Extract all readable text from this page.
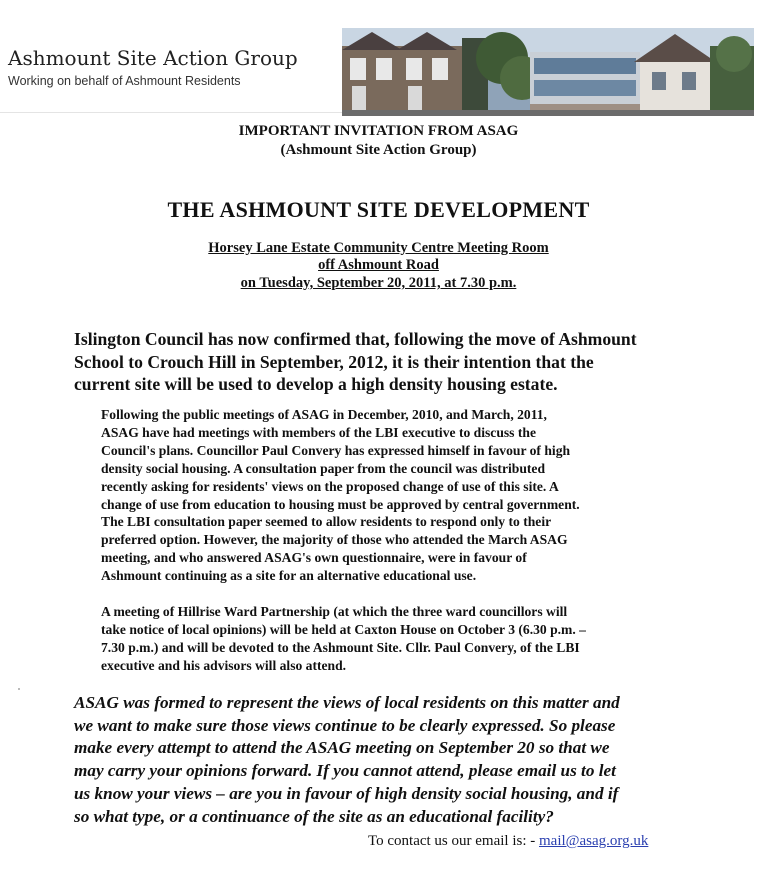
Ashmount Site Action Group
Working on behalf of Ashmount Residents
IMPORTANT INVITATION FROM ASAG
(Ashmount Site Action Group)
THE ASHMOUNT SITE DEVELOPMENT
Horsey Lane Estate Community Centre Meeting Room
off Ashmount Road
on Tuesday, September 20, 2011, at 7.30 p.m.
Islington Council has now confirmed that, following the move of Ashmount
School to Crouch Hill in September, 2012, it is their intention that the
current site will be used to develop a high density housing estate.
Following the public meetings of ASAG in December, 2010, and March, 2011,
ASAG have had meetings with members of the LBI executive to discuss the
Council's plans. Councillor Paul Convery has expressed himself in favour of high
density social housing. A consultation paper from the council was distributed
recently asking for residents' views on the proposed change of use of this site. A
change of use from education to housing must be approved by central government.
The LBI consultation paper seemed to allow residents to respond only to their
preferred option. However, the majority of those who attended the March ASAG
meeting, and who answered ASAG's own questionnaire, were in favour of
Ashmount continuing as a site for an alternative educational use.
A meeting of Hillrise Ward Partnership (at which the three ward councillors will
take notice of local opinions) will be held at Caxton House on October 3 (6.30 p.m. –
7.30 p.m.) and will be devoted to the Ashmount Site. Cllr. Paul Convery, of the LBI
executive and his advisors will also attend.
ASAG was formed to represent the views of local residents on this matter and
we want to make sure those views continue to be clearly expressed. So please
make every attempt to attend the ASAG meeting on September 20 so that we
may carry your opinions forward. If you cannot attend, please email us to let
us know your views – are you in favour of high density social housing, and if
so what type, or a continuance of the site as an educational facility?
To contact us our email is: - mail@asag.org.uk
